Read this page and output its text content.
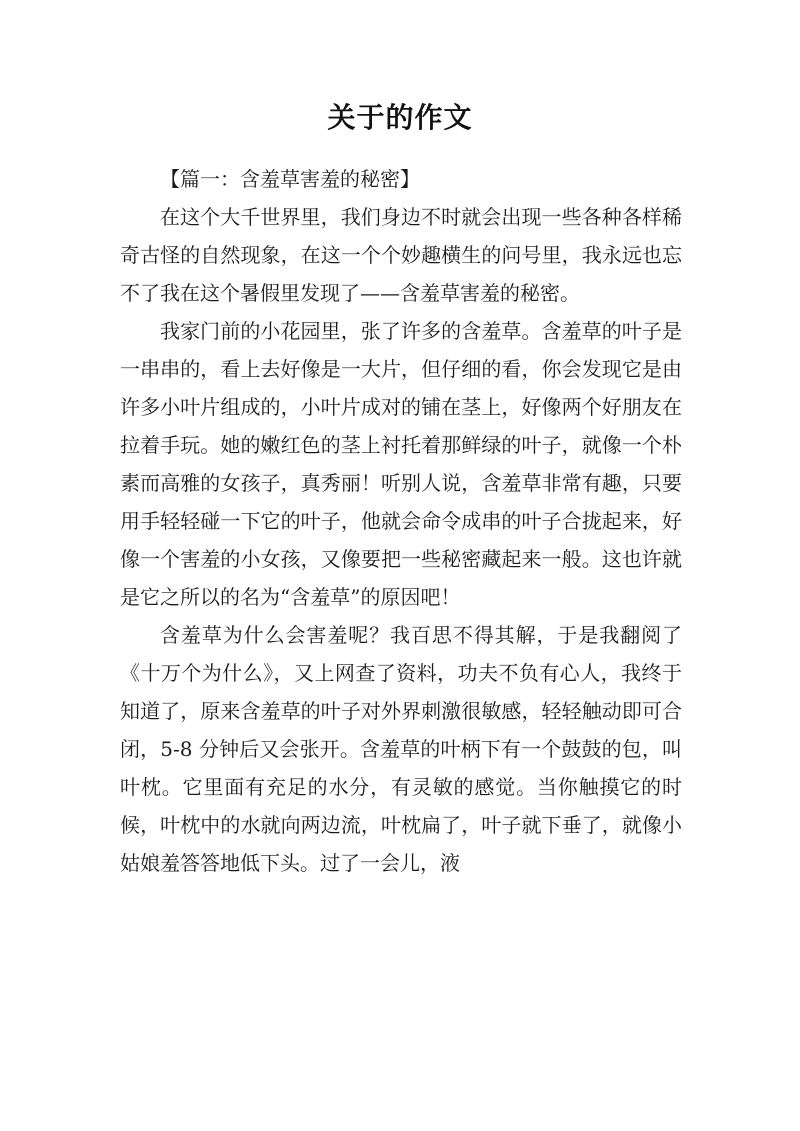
关于的作文

【篇一：含羞草害羞的秘密】

在这个大千世界里，我们身边不时就会出现一些各种各样稀奇古怪的自然现象，在这一个个妙趣横生的问号里，我永远也忘不了我在这个暑假里发现了——含羞草害羞的秘密。

我家门前的小花园里，张了许多的含羞草。含羞草的叶子是一串串的，看上去好像是一大片，但仔细的看，你会发现它是由许多小叶片组成的，小叶片成对的铺在茎上，好像两个好朋友在拉着手玩。她的嫩红色的茎上衬托着那鲜绿的叶子，就像一个朴素而高雅的女孩子，真秀丽！听别人说，含羞草非常有趣，只要用手轻轻碰一下它的叶子，他就会命令成串的叶子合拢起来，好像一个害羞的小女孩，又像要把一些秘密藏起来一般。这也许就是它之所以的名为“含羞草”的原因吧！

含羞草为什么会害羞呢？我百思不得其解，于是我翻阅了《十万个为什么》，又上网查了资料，功夫不负有心人，我终于知道了，原来含羞草的叶子对外界刺激很敏感，轻轻触动即可合闭，5-8 分钟后又会张开。含羞草的叶柄下有一个鼓鼓的包，叫叶枕。它里面有充足的水分，有灵敏的感觉。当你触摸它的时候，叶枕中的水就向两边流，叶枕扁了，叶子就下垂了，就像小姑娘羞答答地低下头。过了一会儿，液
